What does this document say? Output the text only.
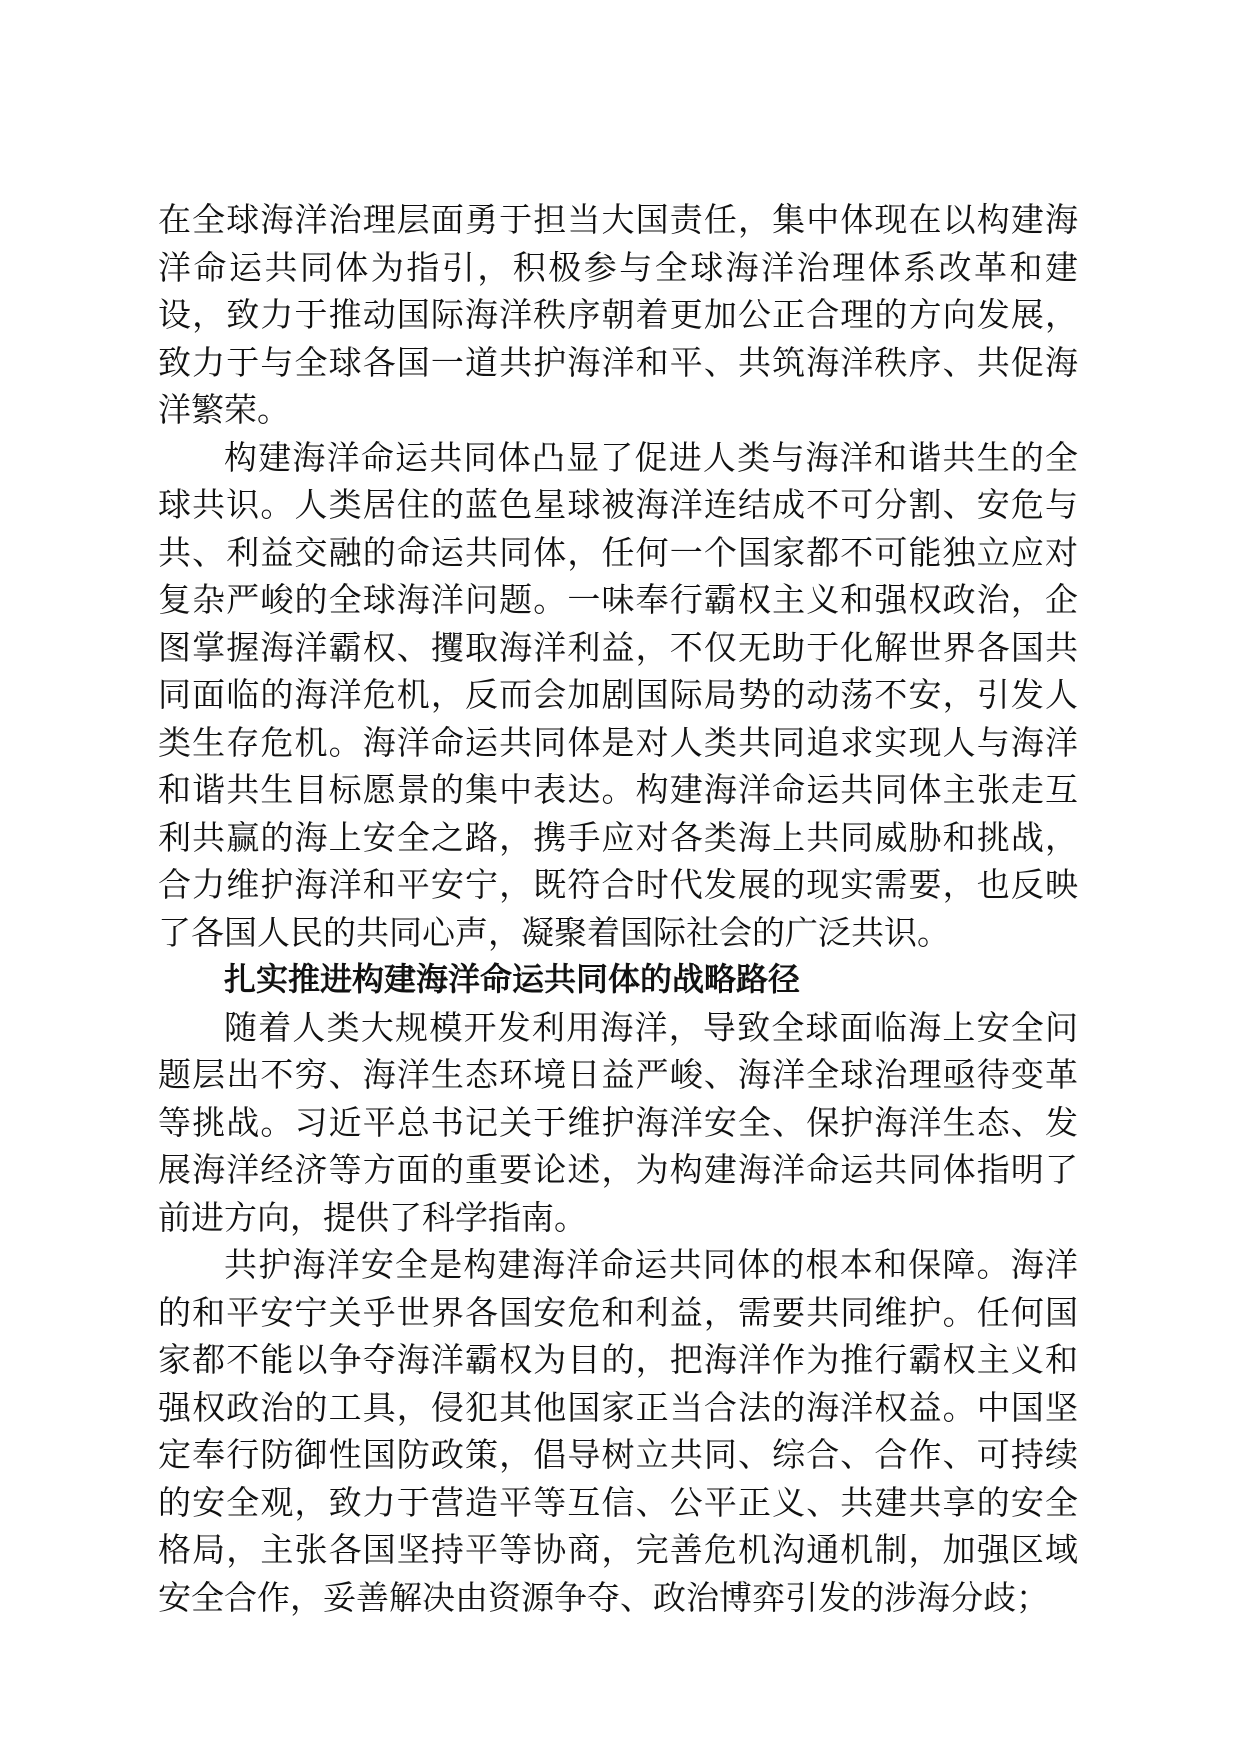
在全球海洋治理层面勇于担当大国责任，集中体现在以构建海洋命运共同体为指引，积极参与全球海洋治理体系改革和建设，致力于推动国际海洋秩序朝着更加公正合理的方向发展，致力于与全球各国一道共护海洋和平、共筑海洋秩序、共促海洋繁荣。

构建海洋命运共同体凸显了促进人类与海洋和谐共生的全球共识。人类居住的蓝色星球被海洋连结成不可分割、安危与共、利益交融的命运共同体，任何一个国家都不可能独立应对复杂严峻的全球海洋问题。一味奉行霸权主义和强权政治，企图掌握海洋霸权、攫取海洋利益，不仅无助于化解世界各国共同面临的海洋危机，反而会加剧国际局势的动荡不安，引发人类生存危机。海洋命运共同体是对人类共同追求实现人与海洋和谐共生目标愿景的集中表达。构建海洋命运共同体主张走互利共赢的海上安全之路，携手应对各类海上共同威胁和挑战，合力维护海洋和平安宁，既符合时代发展的现实需要，也反映了各国人民的共同心声，凝聚着国际社会的广泛共识。

扎实推进构建海洋命运共同体的战略路径

随着人类大规模开发利用海洋，导致全球面临海上安全问题层出不穷、海洋生态环境日益严峻、海洋全球治理亟待变革等挑战。习近平总书记关于维护海洋安全、保护海洋生态、发展海洋经济等方面的重要论述，为构建海洋命运共同体指明了前进方向，提供了科学指南。

共护海洋安全是构建海洋命运共同体的根本和保障。海洋的和平安宁关乎世界各国安危和利益，需要共同维护。任何国家都不能以争夺海洋霸权为目的，把海洋作为推行霸权主义和强权政治的工具，侵犯其他国家正当合法的海洋权益。中国坚定奉行防御性国防政策，倡导树立共同、综合、合作、可持续的安全观，致力于营造平等互信、公平正义、共建共享的安全格局，主张各国坚持平等协商，完善危机沟通机制，加强区域安全合作，妥善解决由资源争夺、政治博弈引发的涉海分歧；
